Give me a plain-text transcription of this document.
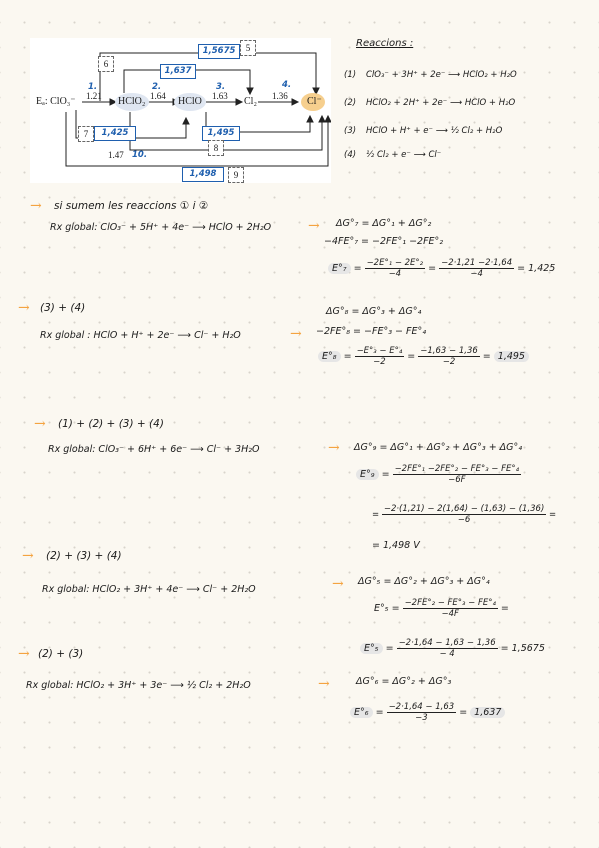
Eₐ: ClO₃⁻	HClO₂	HClO	Cl₂	Cl⁻
1.
1.21
2.
1.64
3.
1.63
4.
1.36
1,5675	5
1,637
6
7	1,425	1,495
8
1,498	9
1.47 10.
Reaccions :
(1) ClO₃⁻ + 3H⁺ + 2e⁻ ⟶ HClO₂ + H₂O
(2) HClO₂ + 2H⁺ + 2e⁻ ⟶ HClO + H₂O
(3) HClO + H⁺ + e⁻ ⟶ ½ Cl₂ + H₂O
(4) ½ Cl₂ + e⁻ ⟶ Cl⁻
→ si sumem les reaccions ① i ②
Rx global: ClO₃⁻ + 5H⁺ + 4e⁻ ⟶ HClO + 2H₂O	→ ΔG°₇ = ΔG°₁ + ΔG°₂
−4FE°₇ = −2FE°₁ −2FE°₂
$E^\circ_7 = \frac{\text{−2E°₁ − 2E°₂}}{-4} = \frac{-2\cdot 1,21 -2\cdot 1,64}{-4} = 1,425$
→ (3) + (4)
Rx global : HClO + H⁺ + 2e⁻ ⟶ Cl⁻ + H₂O	→
ΔG°₈ = ΔG°₃ + ΔG°₄
−2FE°₈ = −FE°₃ − FE°₄
$E^\circ_8 = \frac{\text{−E°₃ − E°₄}}{-2} = \frac{-1,63 - 1,36}{-2} = 1,495$
→ (1) + (2) + (3) + (4)
Rx global: ClO₃⁻ + 6H⁺ + 6e⁻ ⟶ Cl⁻ + 3H₂O	→ ΔG°₉ = ΔG°₁ + ΔG°₂ + ΔG°₃ + ΔG°₄
$E^\circ_9 = \frac{\text{−2FE°₁ −2FE°₂ − FE°₃ − FE°₄}}{-6F}$
= $\frac{-2\cdot(1,21) - 2(1,64) - (1,63) - (1,36)}{-6}$ =
= 1,498 V
→ (2) + (3) + (4)
Rx global: HClO₂ + 3H⁺ + 4e⁻ ⟶ Cl⁻ + 2H₂O	→ ΔG°₅ = ΔG°₂ + ΔG°₃ + ΔG°₄
$E^\circ_5 = \frac{\text{−2FE°₂ − FE°₃ − FE°₄}}{-4F}$ =
$E^\circ_5 = \frac{-2\cdot 1,64 - 1,63 - 1,36}{- 4} = 1,5675$
→ (2) + (3)
Rx global: HClO₂ + 3H⁺ + 3e⁻ ⟶ ½ Cl₂ + 2H₂O	→	ΔG°₆ = ΔG°₂ + ΔG°₃
$E^\circ_6 = \frac{-2\cdot 1,64 - 1,63}{-3} = 1,637$
